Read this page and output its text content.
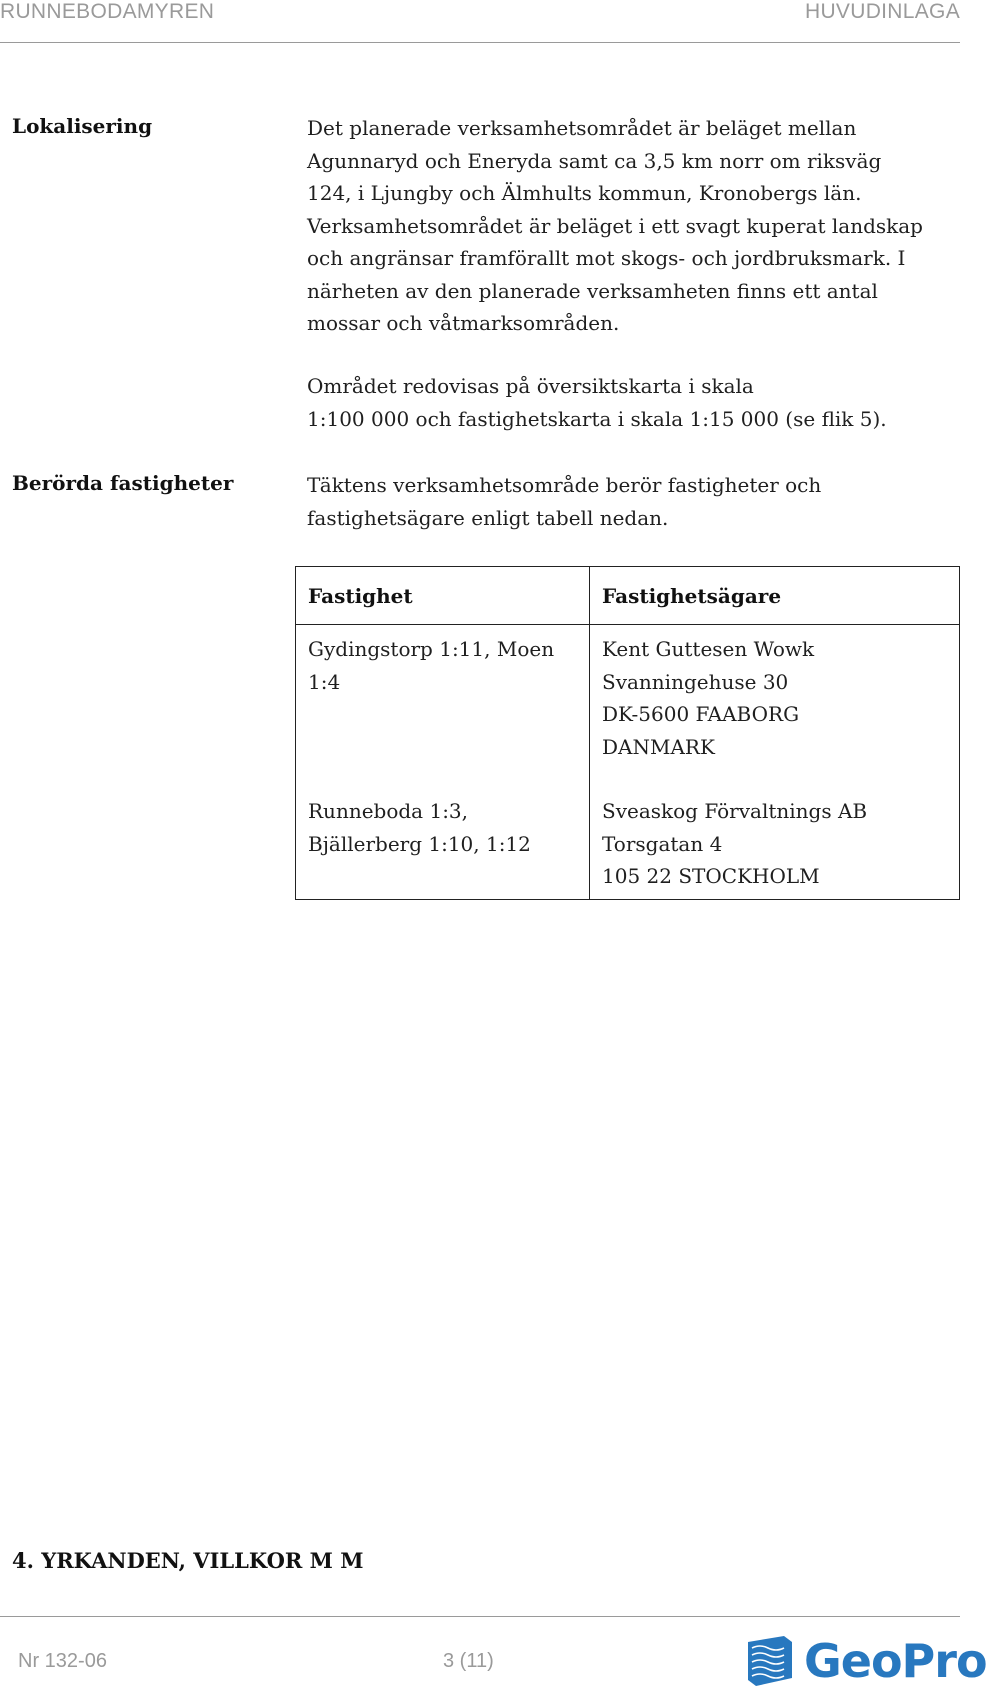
RUNNEBODAMYREN	HUVUDINLAGA
Lokalisering	Det planerade verksamhetsområdet är beläget mellan
Agunnaryd och Eneryda samt ca 3,5 km norr om riksväg
124, i Ljungby och Älmhults kommun, Kronobergs län.
Verksamhetsområdet är beläget i ett svagt kuperat landskap
och angränsar framförallt mot skogs- och jordbruksmark. I
närheten av den planerade verksamheten finns ett antal
mossar och våtmarksområden.
Området redovisas på översiktskarta i skala
1:100 000 och fastighetskarta i skala 1:15 000 (se flik 5).
Berörda fastigheter	Täktens verksamhetsområde berör fastigheter och
fastighetsägare enligt tabell nedan.
Fastighet	Fastighetsägare

Gydingstorp 1:11, Moen
1:4	Kent Guttesen Wowk
Svanningehuse 30
DK-5600 FAABORG
DANMARK

Runneboda 1:3,
Bjällerberg 1:10, 1:12	Sveaskog Förvaltnings AB
Torsgatan 4
105 22 STOCKHOLM
4. YRKANDEN, VILLKOR M M
Nr 132-06	3 (11)	GeoPro
